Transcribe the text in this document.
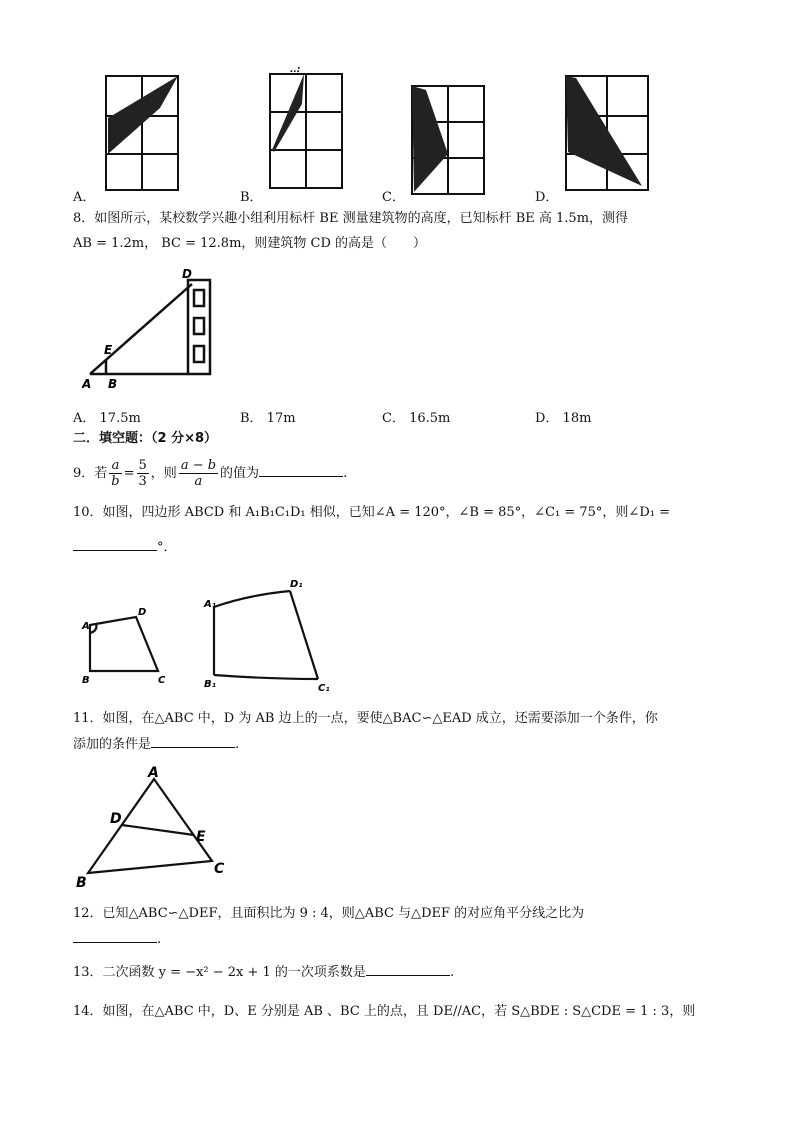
..:
A．	B．	C．	D．
8．如图所示，某校数学兴趣小组利用标杆 BE 测量建筑物的高度，已知标杆 BE 高 1.5m，测得
AB = 1.2m， BC = 12.8m，则建筑物 CD 的高是（　　）
D
E
A B
A． 17.5m	B． 17m	C． 16.5m	D． 18m
二．填空题：（2 分×8）
9．若 $\frac{a}{b} = \frac{5}{3}$ ，则 $\frac{a - b}{a}$ 的值为	.
10．如图，四边形 ABCD 和 A₁B₁C₁D₁ 相似，已知∠A = 120°，∠B = 85°，∠C₁ = 75°，则∠D₁ =
°．
A
D
B	C
A₁
D₁
B₁	C₁
11．如图，在△ABC 中，D 为 AB 边上的一点，要使△BAC∽△EAD 成立，还需要添加一个条件，你
添加的条件是	.
A
D
E
B
C
12．已知△ABC∽△DEF，且面积比为 9 : 4，则△ABC 与△DEF 的对应角平分线之比为
.
13．二次函数 y = −x² − 2x + 1 的一次项系数是	.
14．如图，在△ABC 中，D、E 分别是 AB 、BC 上的点，且 DE//AC，若 S△BDE : S△CDE = 1 : 3，则
